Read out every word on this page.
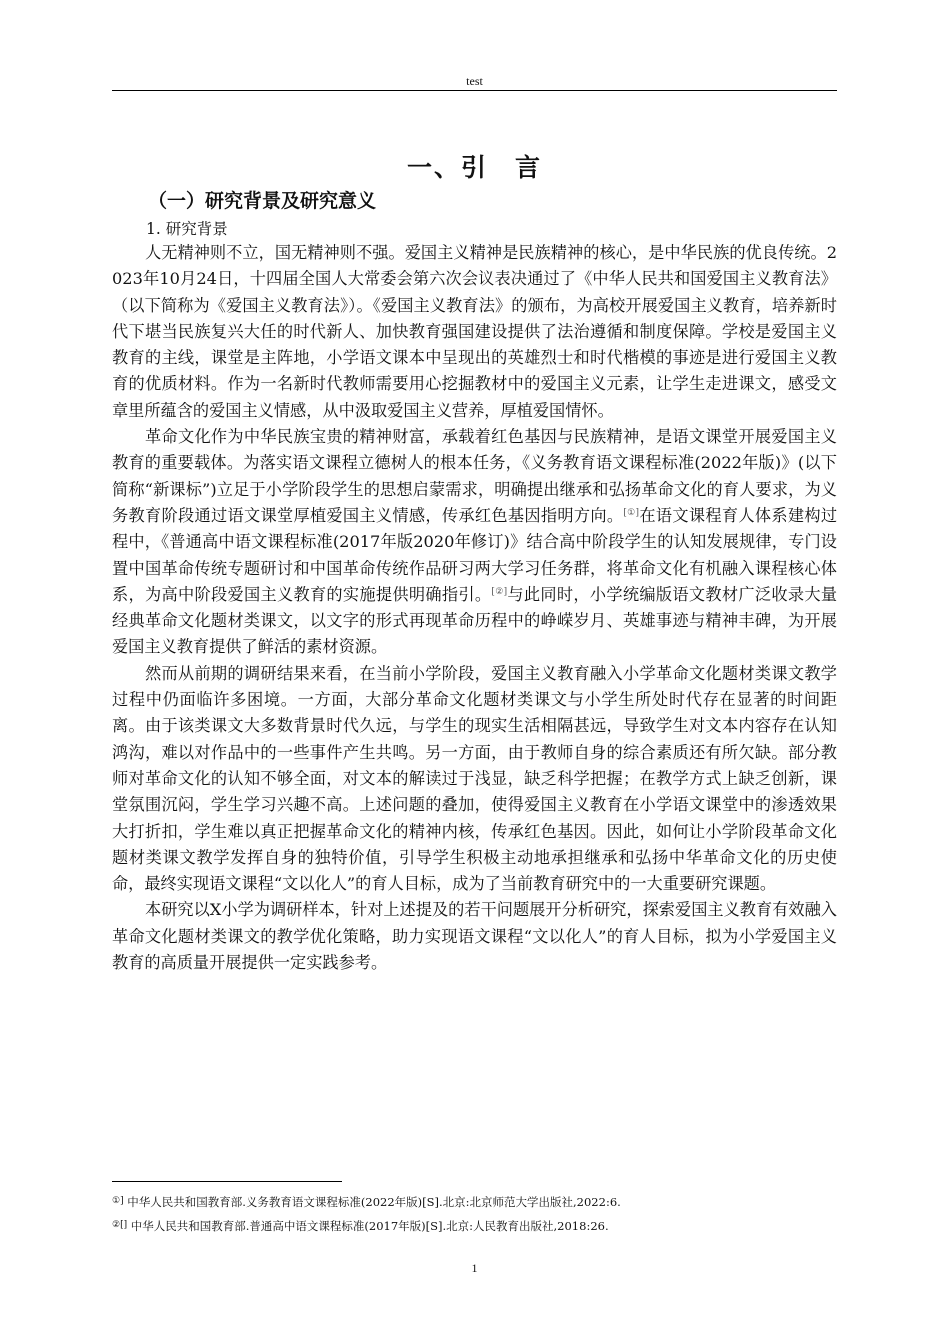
test
一、引　言
（一）研究背景及研究意义
1. 研究背景

人无精神则不立，国无精神则不强。爱国主义精神是民族精神的核心，是中华民族的优良传统。2023年10月24日，十四届全国人大常委会第六次会议表决通过了《中华人民共和国爱国主义教育法》（以下简称为《爱国主义教育法》）。《爱国主义教育法》的颁布，为高校开展爱国主义教育，培养新时代下堪当民族复兴大任的时代新人、加快教育强国建设提供了法治遵循和制度保障。学校是爱国主义教育的主线，课堂是主阵地，小学语文课本中呈现出的英雄烈士和时代楷模的事迹是进行爱国主义教育的优质材料。作为一名新时代教师需要用心挖掘教材中的爱国主义元素，让学生走进课文，感受文章里所蕴含的爱国主义情感，从中汲取爱国主义营养，厚植爱国情怀。

革命文化作为中华民族宝贵的精神财富，承载着红色基因与民族精神，是语文课堂开展爱国主义教育的重要载体。为落实语文课程立德树人的根本任务，《义务教育语文课程标准(2022年版)》(以下简称“新课标”)立足于小学阶段学生的思想启蒙需求，明确提出继承和弘扬革命文化的育人要求，为义务教育阶段通过语文课堂厚植爱国主义情感，传承红色基因指明方向。[①]在语文课程育人体系建构过程中，《普通高中语文课程标准(2017年版2020年修订)》结合高中阶段学生的认知发展规律，专门设置中国革命传统专题研讨和中国革命传统作品研习两大学习任务群，将革命文化有机融入课程核心体系，为高中阶段爱国主义教育的实施提供明确指引。[②]与此同时，小学统编版语文教材广泛收录大量经典革命文化题材类课文，以文字的形式再现革命历程中的峥嵘岁月、英雄事迹与精神丰碑，为开展爱国主义教育提供了鲜活的素材资源。

然而从前期的调研结果来看，在当前小学阶段，爱国主义教育融入小学革命文化题材类课文教学过程中仍面临许多困境。一方面，大部分革命文化题材类课文与小学生所处时代存在显著的时间距离。由于该类课文大多数背景时代久远，与学生的现实生活相隔甚远，导致学生对文本内容存在认知鸿沟，难以对作品中的一些事件产生共鸣。另一方面，由于教师自身的综合素质还有所欠缺。部分教师对革命文化的认知不够全面，对文本的解读过于浅显，缺乏科学把握；在教学方式上缺乏创新，课堂氛围沉闷，学生学习兴趣不高。上述问题的叠加，使得爱国主义教育在小学语文课堂中的渗透效果大打折扣，学生难以真正把握革命文化的精神内核，传承红色基因。因此，如何让小学阶段革命文化题材类课文教学发挥自身的独特价值，引导学生积极主动地承担继承和弘扬中华革命文化的历史使命，最终实现语文课程“文以化人”的育人目标，成为了当前教育研究中的一大重要研究课题。

本研究以X小学为调研样本，针对上述提及的若干问题展开分析研究，探索爱国主义教育有效融入革命文化题材类课文的教学优化策略，助力实现语文课程“文以化人”的育人目标，拟为小学爱国主义教育的高质量开展提供一定实践参考。

①] 中华人民共和国教育部.义务教育语文课程标准(2022年版)[S].北京:北京师范大学出版社,2022:6.
②[] 中华人民共和国教育部.普通高中语文课程标准(2017年版)[S].北京:人民教育出版社,2018:26.
1
